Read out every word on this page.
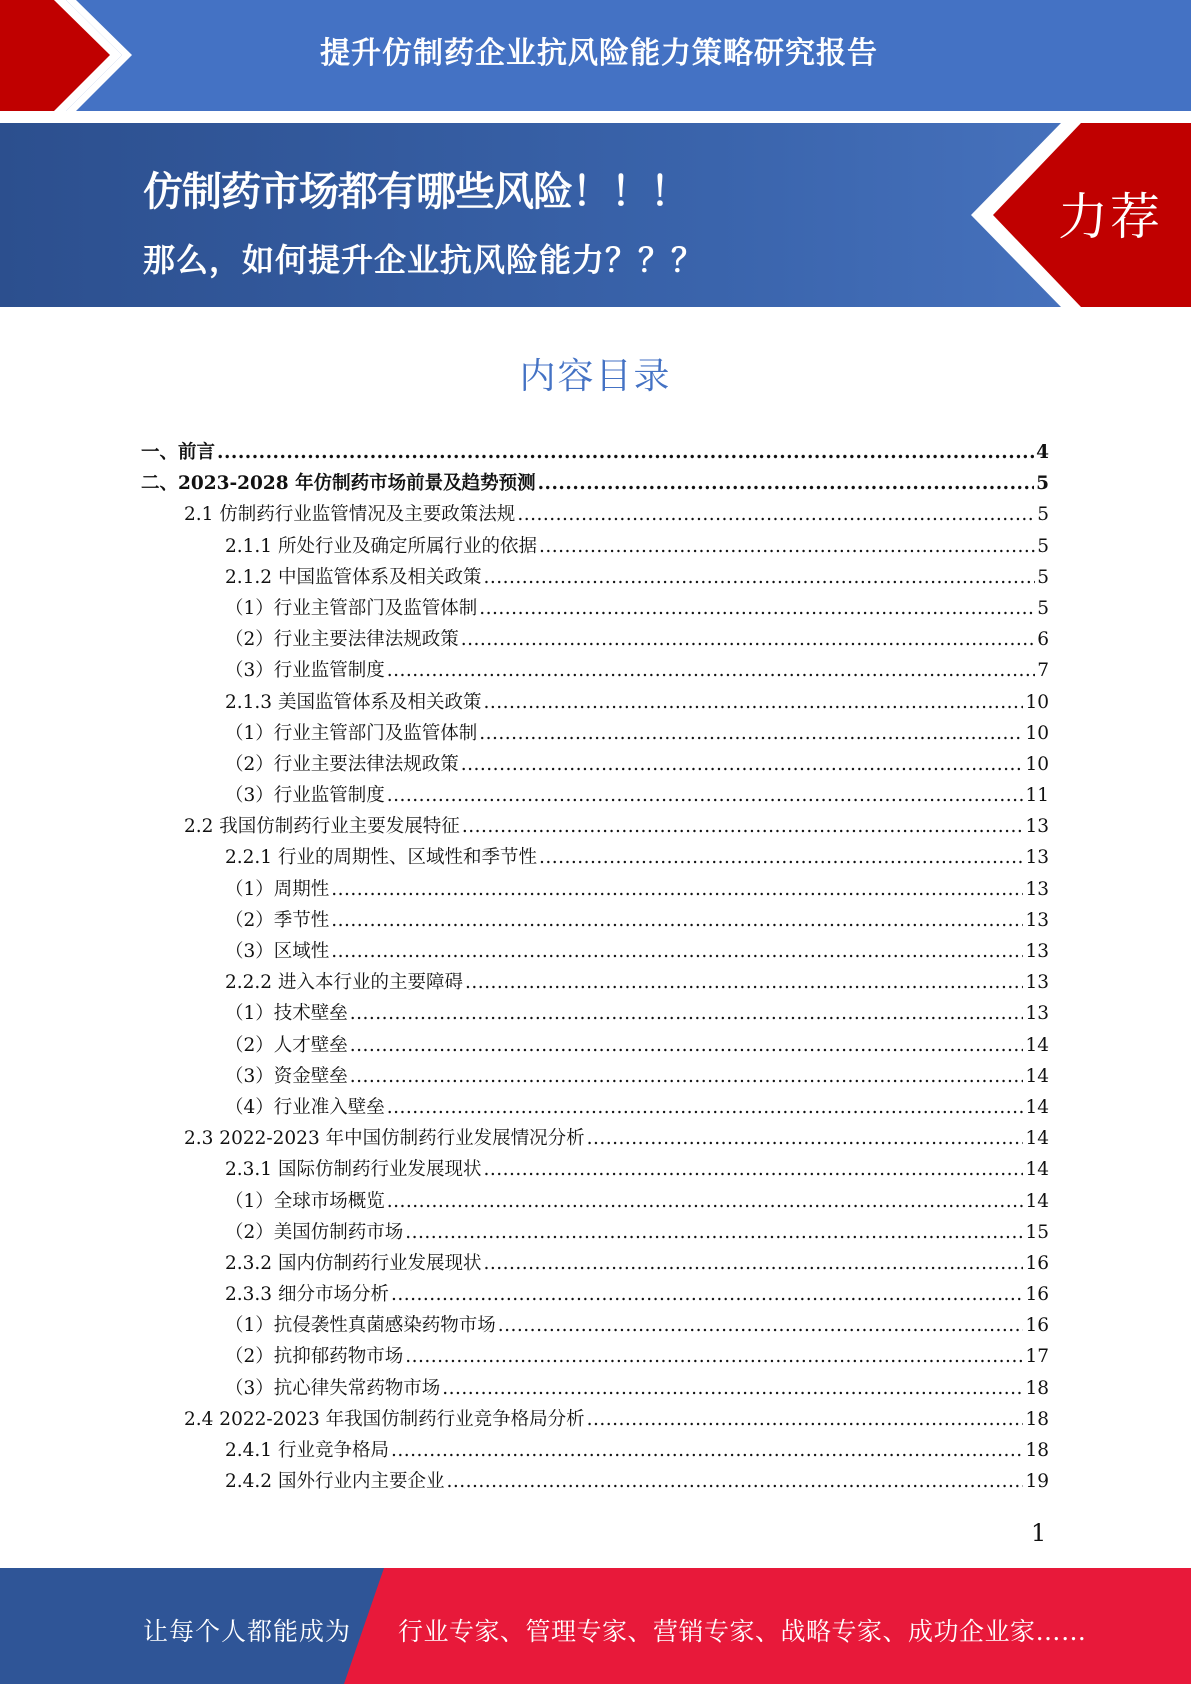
提升仿制药企业抗风险能力策略研究报告
仿制药市场都有哪些风险！！！
那么，如何提升企业抗风险能力？？？
力荐
内容目录
一、前言 .....	4
二、2023-2028 年仿制药市场前景及趋势预测 .....	5
2.1 仿制药行业监管情况及主要政策法规 .....	5
2.1.1 所处行业及确定所属行业的依据 .....	5
2.1.2 中国监管体系及相关政策 .....	5
（1）行业主管部门及监管体制 .....	5
（2）行业主要法律法规政策 .....	6
（3）行业监管制度 .....	7
2.1.3 美国监管体系及相关政策 .....	10
（1）行业主管部门及监管体制 .....	10
（2）行业主要法律法规政策 .....	10
（3）行业监管制度 .....	11
2.2 我国仿制药行业主要发展特征 .....	13
2.2.1 行业的周期性、区域性和季节性 .....	13
（1）周期性 .....	13
（2）季节性 .....	13
（3）区域性 .....	13
2.2.2 进入本行业的主要障碍 .....	13
（1）技术壁垒 .....	13
（2）人才壁垒 .....	14
（3）资金壁垒 .....	14
（4）行业准入壁垒 .....	14
2.3 2022-2023 年中国仿制药行业发展情况分析 .....	14
2.3.1 国际仿制药行业发展现状 .....	14
（1）全球市场概览 .....	14
（2）美国仿制药市场 .....	15
2.3.2 国内仿制药行业发展现状 .....	16
2.3.3 细分市场分析 .....	16
（1）抗侵袭性真菌感染药物市场 .....	16
（2）抗抑郁药物市场 .....	17
（3）抗心律失常药物市场 .....	18
2.4 2022-2023 年我国仿制药行业竞争格局分析 .....	18
2.4.1 行业竞争格局 .....	18
2.4.2 国外行业内主要企业 .....	19
1
让每个人都能成为 行业专家、管理专家、营销专家、战略专家、成功企业家……
